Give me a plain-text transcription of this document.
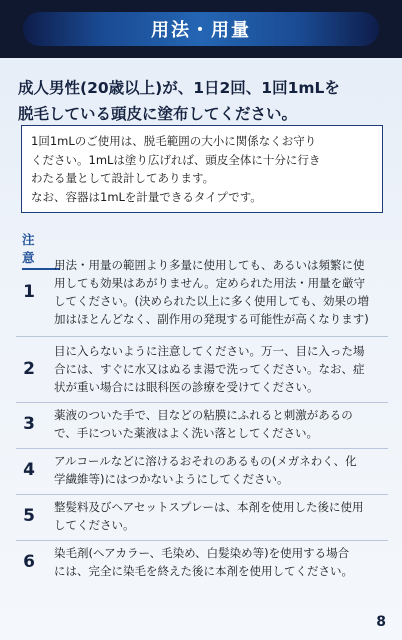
用法・用量
成人男性(20歳以上)が、1日2回、1回1mLを
脱毛している頭皮に塗布してください。
1回1mLのご使用は、脱毛範囲の大小に関係なくお守り
ください。1mLは塗り広げれば、頭皮全体に十分に行き
わたる量として設計してあります。
なお、容器は1mLを計量できるタイプです。
注 意
1
用法・用量の範囲より多量に使用しても、あるいは頻繁に使
用しても効果はあがりません。定められた用法・用量を厳守
してください。(決められた以上に多く使用しても、効果の増
加はほとんどなく、副作用の発現する可能性が高くなります)
2
目に入らないように注意してください。万一、目に入った場
合には、すぐに水又はぬるま湯で洗ってください。なお、症
状が重い場合には眼科医の診療を受けてください。
3	薬液のついた手で、目などの粘膜にふれると刺激があるの
で、手についた薬液はよく洗い落としてください。
4	アルコールなどに溶けるおそれのあるもの(メガネわく、化
学繊維等)にはつかないようにしてください。
5	整髪料及びヘアセットスプレーは、本剤を使用した後に使用
してください。
6	染毛剤(ヘアカラー、毛染め、白髪染め等)を使用する場合
には、完全に染毛を終えた後に本剤を使用してください。
8
